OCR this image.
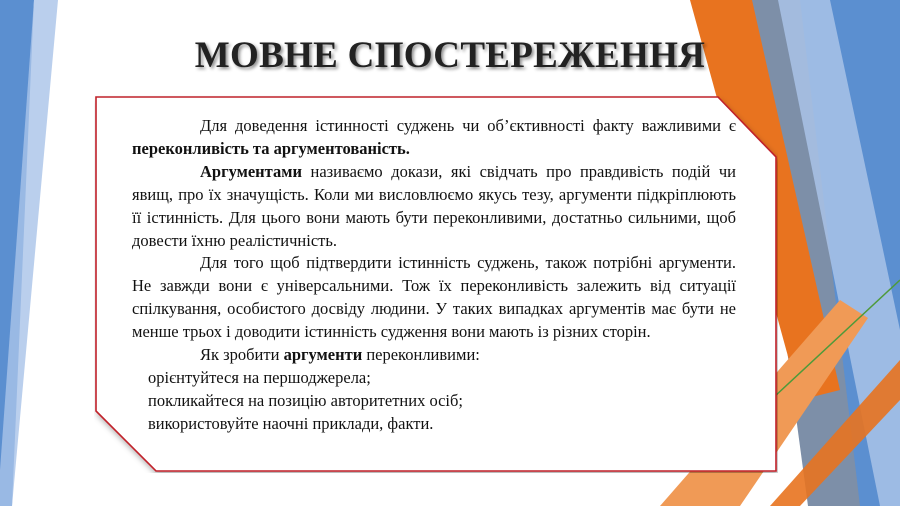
МОВНЕ СПОСТЕРЕЖЕННЯ

Для доведення істинності суджень чи об’єктивності факту важливими є переконливість та аргументованість.

Аргументами називаємо докази, які свідчать про правдивість подій чи явищ, про їх значущість. Коли ми висловлюємо якусь тезу, аргументи підкріплюють її істинність. Для цього вони мають бути переконливими, достатньо сильними, щоб довести їхню реалістичність.

Для того щоб підтвердити істинність суджень, також потрібні аргументи. Не завжди вони є універсальними. Тож їх переконливість залежить від ситуації спілкування, особистого досвіду людини. У таких випадках аргументів має бути не менше трьох і доводити істинність судження вони мають із різних сторін.

Як зробити аргументи переконливими:

орієнтуйтеся на першоджерела;
покликайтеся на позицію авторитетних осіб;
використовуйте наочні приклади, факти.
